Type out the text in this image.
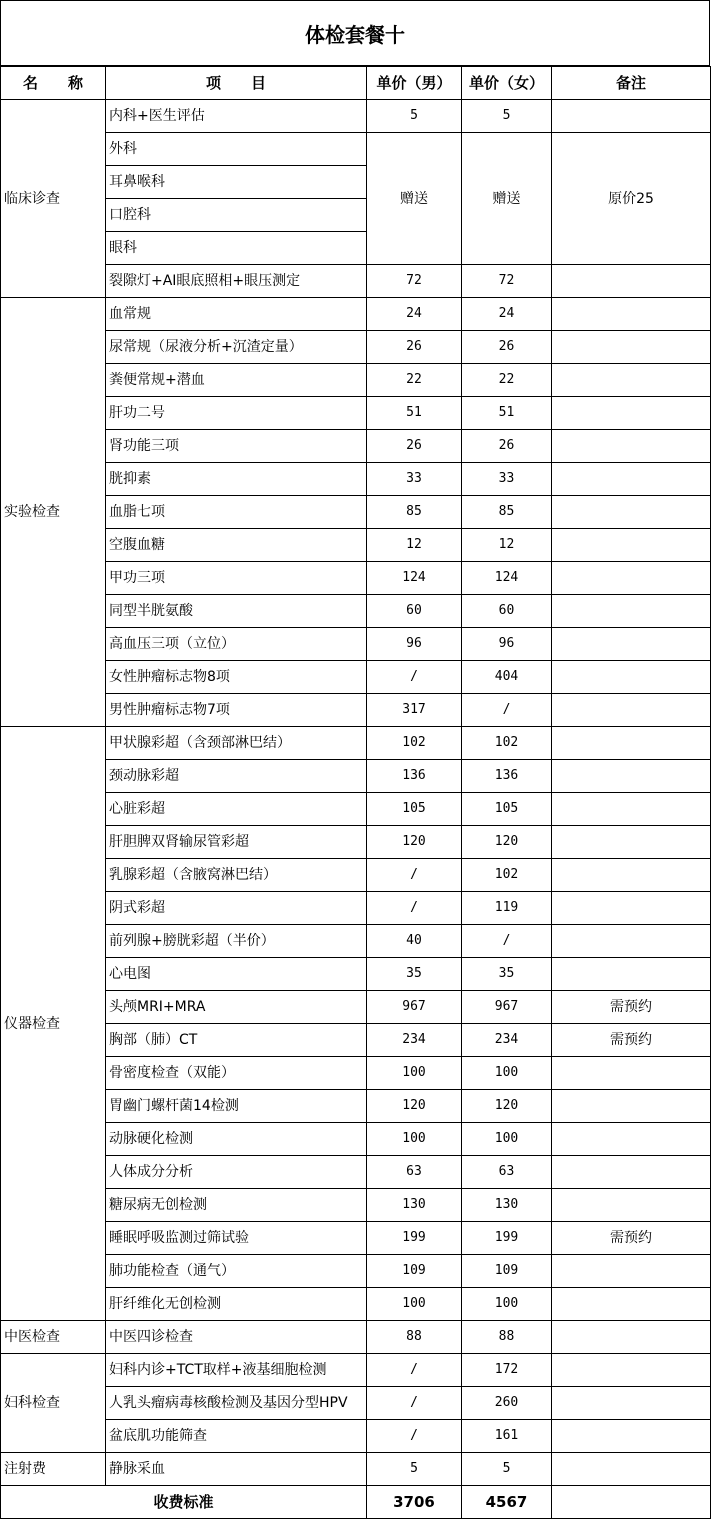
体检套餐十
名　　称	项　　目	单价（男）	单价（女）	备注
临床诊查	内科+医生评估	5	5	
	外科	赠送	赠送	原价25
	耳鼻喉科			
	口腔科			
	眼科			
	裂隙灯+AI眼底照相+眼压测定	72	72	
实验检查	血常规	24	24	
	尿常规（尿液分析+沉渣定量）	26	26	
	粪便常规+潜血	22	22	
	肝功二号	51	51	
	肾功能三项	26	26	
	胱抑素	33	33	
	血脂七项	85	85	
	空腹血糖	12	12	
	甲功三项	124	124	
	同型半胱氨酸	60	60	
	高血压三项（立位）	96	96	
	女性肿瘤标志物8项	/	404	
	男性肿瘤标志物7项	317	/	
仪器检查	甲状腺彩超（含颈部淋巴结）	102	102	
	颈动脉彩超	136	136	
	心脏彩超	105	105	
	肝胆脾双肾输尿管彩超	120	120	
	乳腺彩超（含腋窝淋巴结）	/	102	
	阴式彩超	/	119	
	前列腺+膀胱彩超（半价）	40	/	
	心电图	35	35	
	头颅MRI+MRA	967	967	需预约
	胸部（肺）CT	234	234	需预约
	骨密度检查（双能）	100	100	
	胃幽门螺杆菌14检测	120	120	
	动脉硬化检测	100	100	
	人体成分分析	63	63	
	糖尿病无创检测	130	130	
	睡眠呼吸监测过筛试验	199	199	需预约
	肺功能检查（通气）	109	109	
	肝纤维化无创检测	100	100	
中医检查	中医四诊检查	88	88	
妇科检查	妇科内诊+TCT取样+液基细胞检测	/	172	
	人乳头瘤病毒核酸检测及基因分型HPV	/	260	
	盆底肌功能筛查	/	161	
注射费	静脉采血	5	5	
收费标准		3706	4567	
